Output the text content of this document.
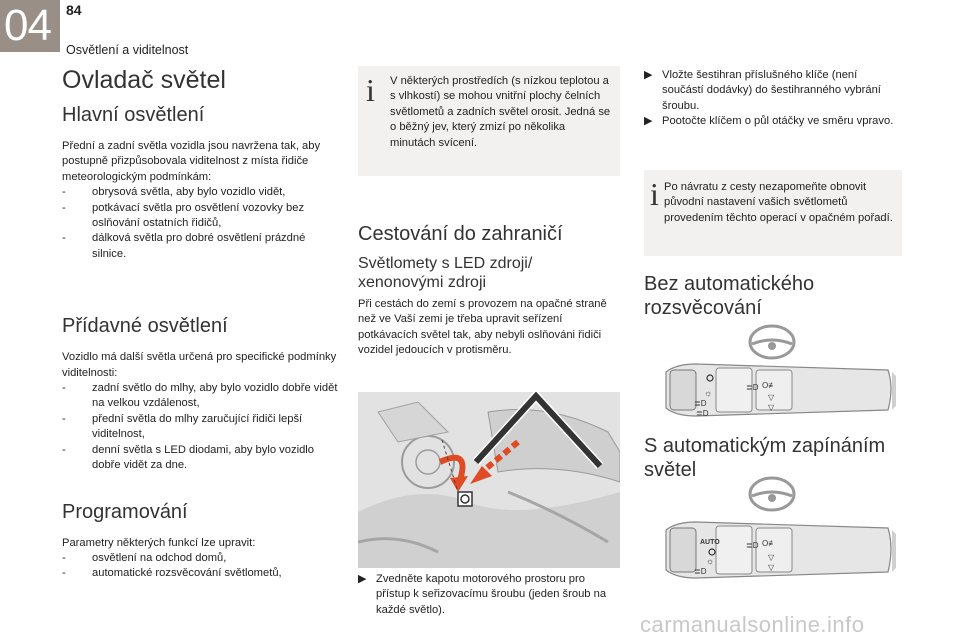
04	84
Osvětlení a viditelnost
Ovladač světel
Hlavní osvětlení

Přední a zadní světla vozidla jsou navržena tak, aby postupně přizpůsobovala viditelnost z místa řidiče meteorologickým podmínkám:

- obrysová světla, aby bylo vozidlo vidět,
- potkávací světla pro osvětlení vozovky bez oslňování ostatních řidičů,
- dálková světla pro dobré osvětlení prázdné silnice.
Přídavné osvětlení

Vozidlo má další světla určená pro specifické podmínky viditelnosti:

- zadní světlo do mlhy, aby bylo vozidlo dobře vidět na velkou vzdálenost,
- přední světla do mlhy zaručující řidiči lepší viditelnost,
- denní světla s LED diodami, aby bylo vozidlo dobře vidět za dne.
Programování

Parametry některých funkcí lze upravit:

- osvětlení na odchod domů,
- automatické rozsvěcování světlometů,
i V některých prostředích (s nízkou teplotou a s vlhkostí) se mohou vnitřní plochy čelních světlometů a zadních světel orosit. Jedná se o běžný jev, který zmizí po několika minutách svícení.

Cestování do zahraničí
Světlomety s LED zdroji/ xenonovými zdroji

Při cestách do zemí s provozem na opačné straně než ve Vaší zemi je třeba upravit seřízení potkávacích světel tak, aby nebyli oslňováni řidiči vozidel jedoucích v protisměru.

▶ Zvedněte kapotu motorového prostoru pro přístup k seřizovacímu šroubu (jeden šroub na každé světlo).
▶ Vložte šestihran příslušného klíče (není součástí dodávky) do šestihranného vybrání šroubu.
▶ Pootočte klíčem o půl otáčky ve směru vpravo.
i Po návratu z cesty nezapomeňte obnovit původní nastavení vašich světlometů provedením těchto operací v opačném pořadí.

Bez automatického rozsvěcování
☼
≣D
≣D O≢
▽
▽
≣D
S automatickým zapínáním světel
AUTO
☼
≣D
≣D O≢
▽
▽
carmanualsonline.info
